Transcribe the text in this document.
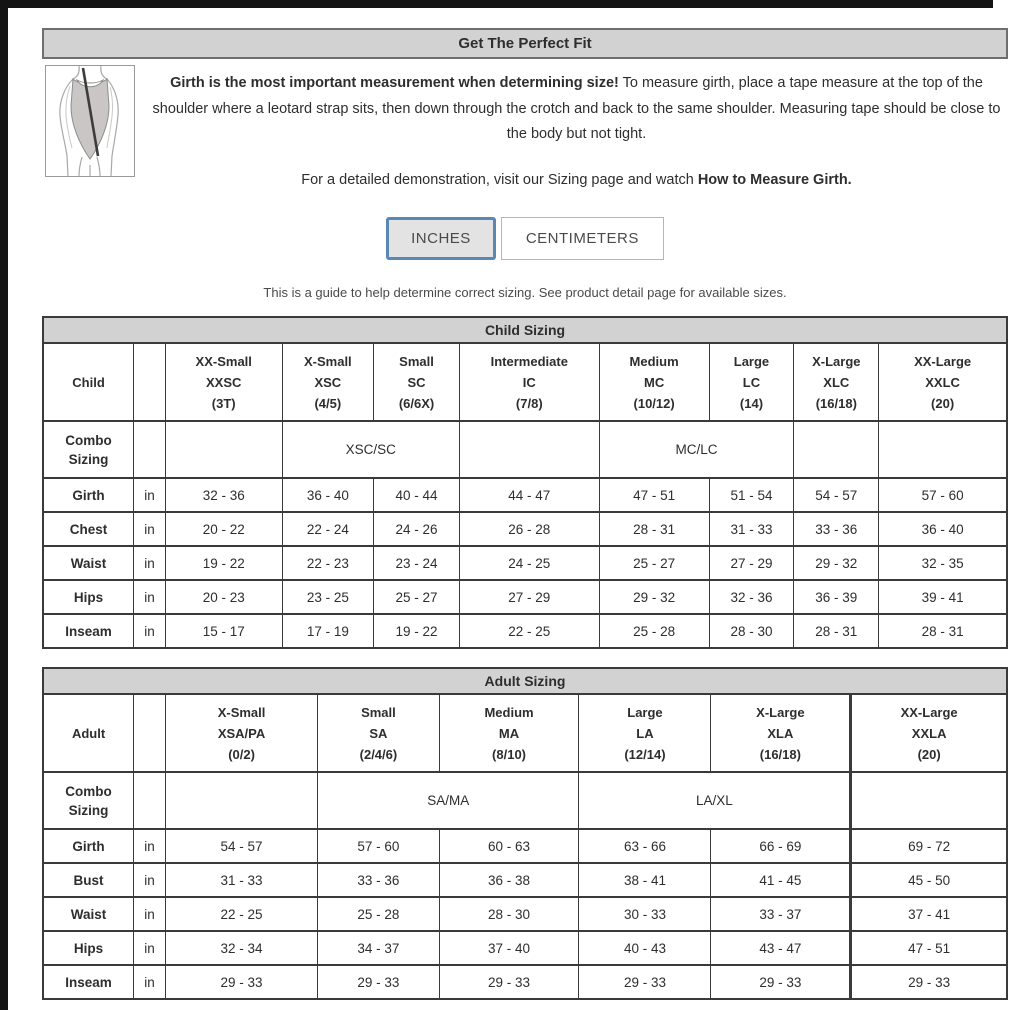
Get The Perfect Fit

Girth is the most important measurement when determining size! To measure girth, place a tape measure at the top of the shoulder where a leotard strap sits, then down through the crotch and back to the same shoulder. Measuring tape should be close to the body but not tight.

For a detailed demonstration, visit our Sizing page and watch How to Measure Girth.

INCHES	CENTIMETERS

This is a guide to help determine correct sizing. See product detail page for available sizes.

Child Sizing									
Child		XX-Small
XXSC
(3T)	X-Small
XSC
(4/5)	Small
SC
(6/6X)	Intermediate
IC
(7/8)	Medium
MC
(10/12)	Large
LC
(14)	X-Large
XLC
(16/18)	XX-Large
XXLC
(20)
Combo
Sizing			XSC/SC			MC/LC			
Girth	in	32 - 36	36 - 40	40 - 44	44 - 47	47 - 51	51 - 54	54 - 57	57 - 60
Chest	in	20 - 22	22 - 24	24 - 26	26 - 28	28 - 31	31 - 33	33 - 36	36 - 40
Waist	in	19 - 22	22 - 23	23 - 24	24 - 25	25 - 27	27 - 29	29 - 32	32 - 35
Hips	in	20 - 23	23 - 25	25 - 27	27 - 29	29 - 32	32 - 36	36 - 39	39 - 41
Inseam	in	15 - 17	17 - 19	19 - 22	22 - 25	25 - 28	28 - 30	28 - 31	28 - 31
Adult Sizing							
Adult		X-Small
XSA/PA
(0/2)	Small
SA
(2/4/6)	Medium
MA
(8/10)	Large
LA
(12/14)	X-Large
XLA
(16/18)	XX-Large
XXLA
(20)
Combo
Sizing			SA/MA		LA/XL		
Girth	in	54 - 57	57 - 60	60 - 63	63 - 66	66 - 69	69 - 72
Bust	in	31 - 33	33 - 36	36 - 38	38 - 41	41 - 45	45 - 50
Waist	in	22 - 25	25 - 28	28 - 30	30 - 33	33 - 37	37 - 41
Hips	in	32 - 34	34 - 37	37 - 40	40 - 43	43 - 47	47 - 51
Inseam	in	29 - 33	29 - 33	29 - 33	29 - 33	29 - 33	29 - 33
